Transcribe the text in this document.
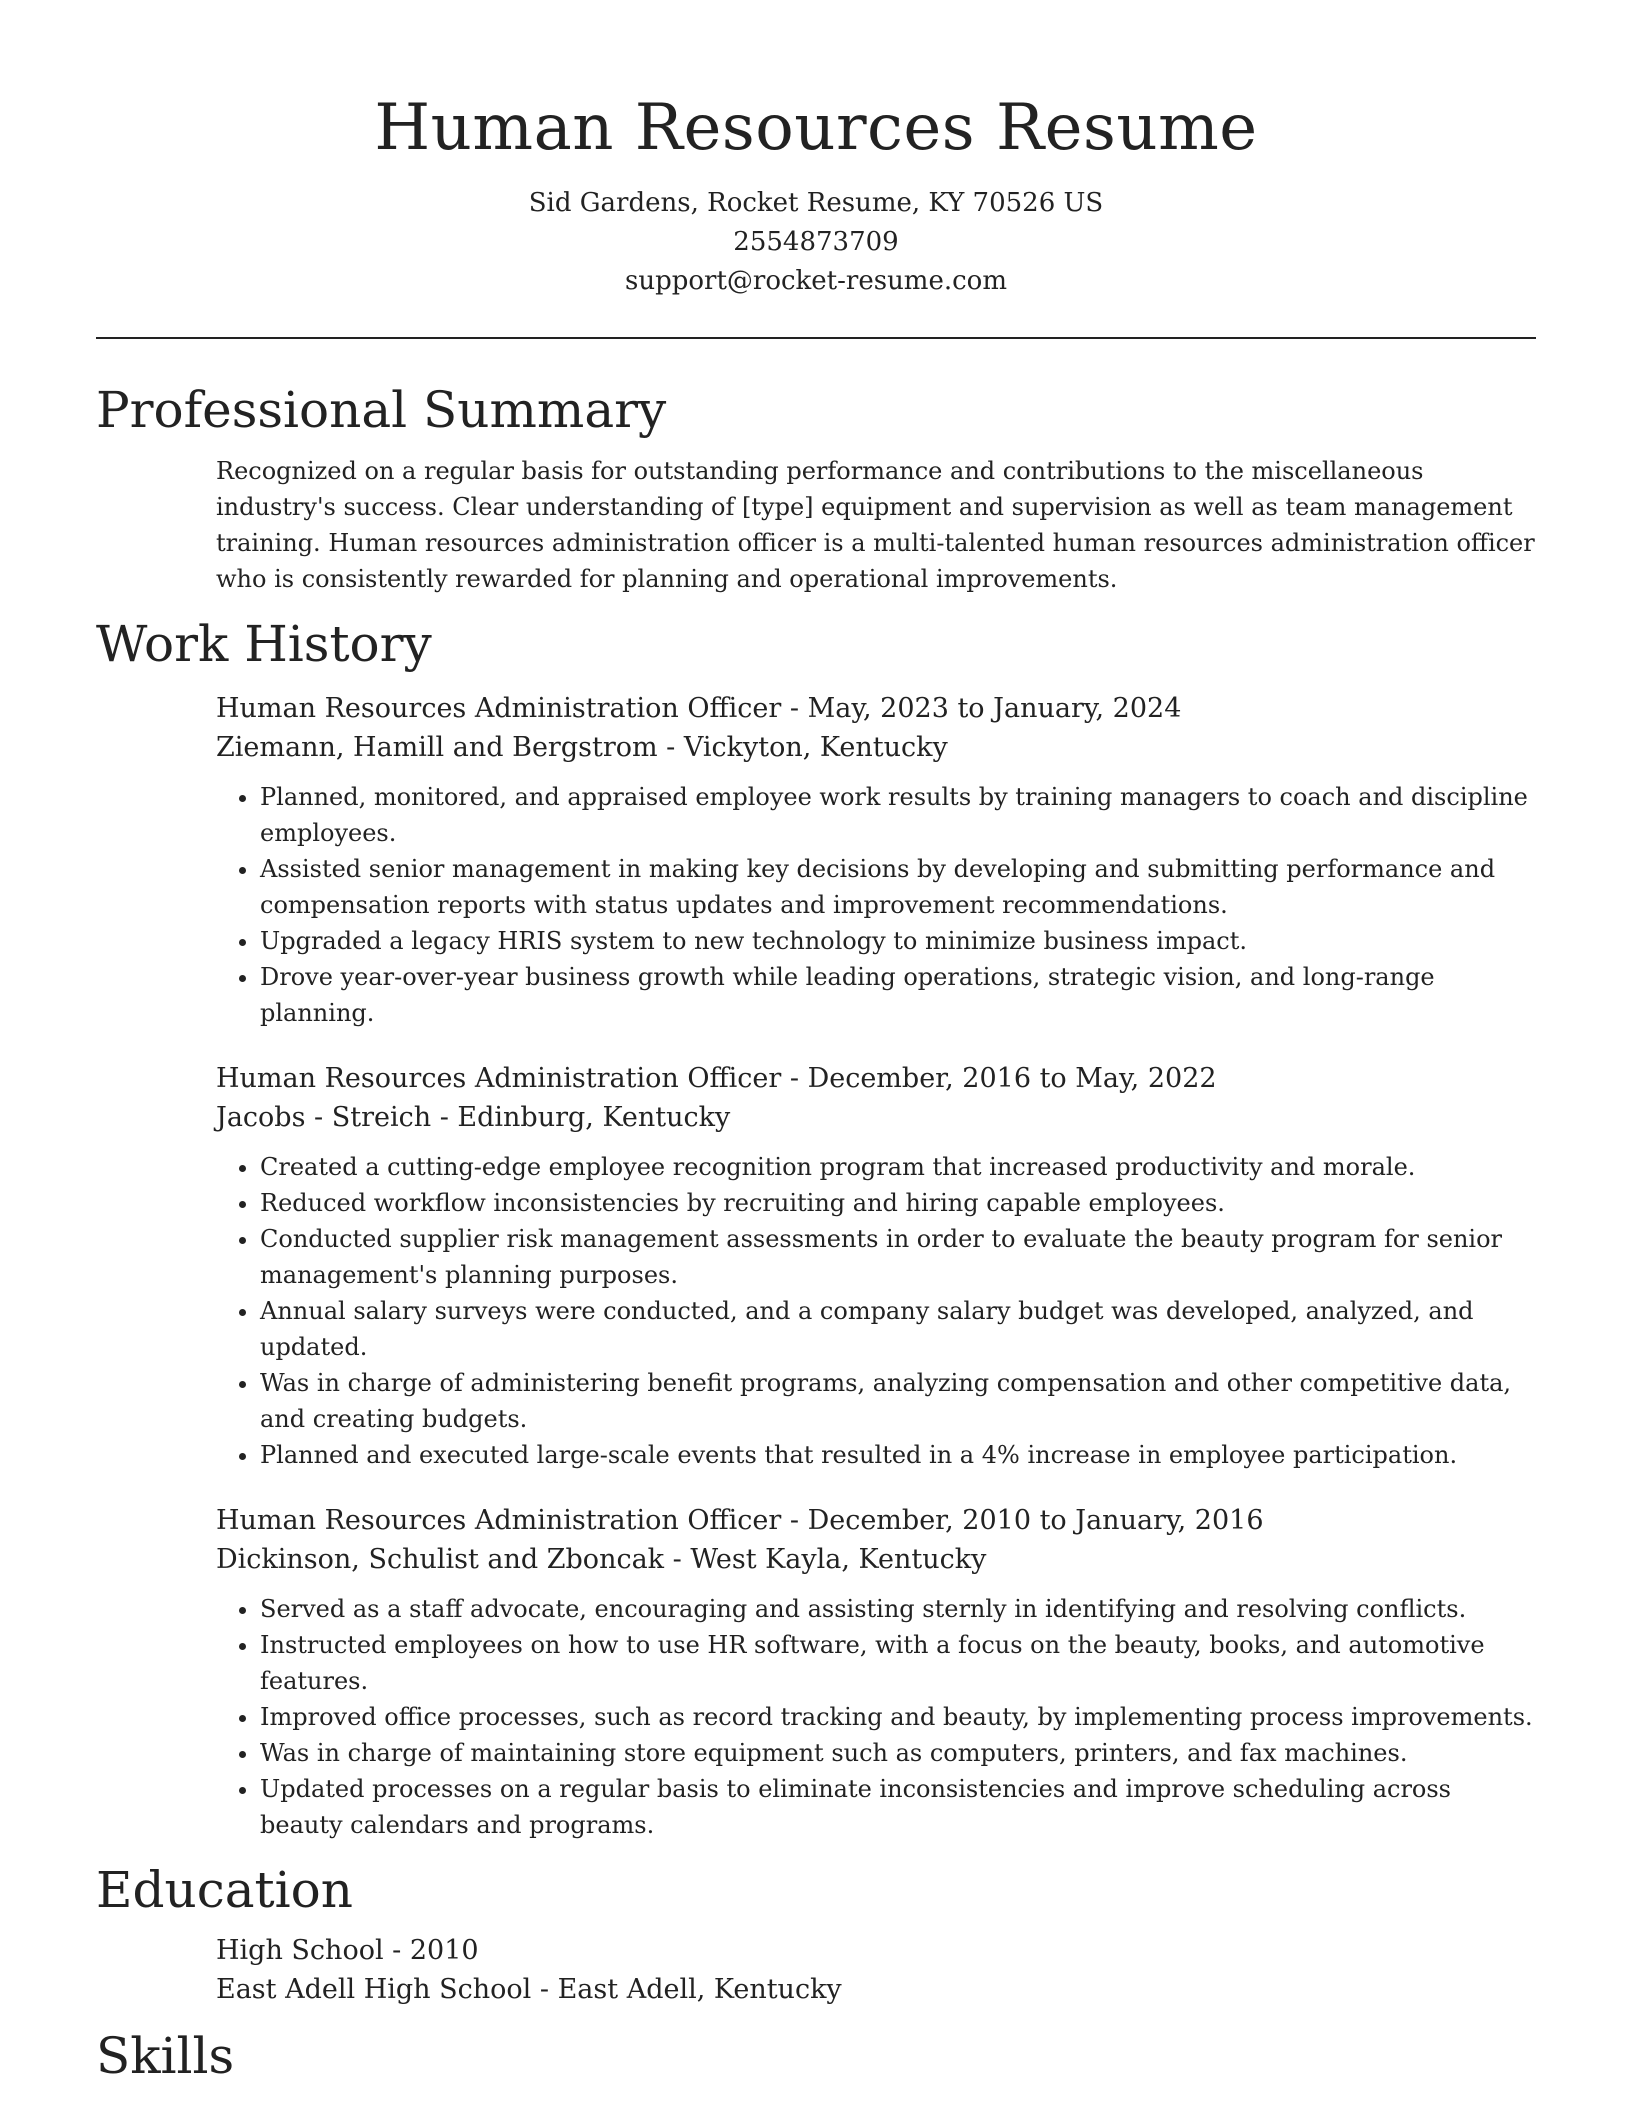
Human Resources Resume
Sid Gardens, Rocket Resume, KY 70526 US
2554873709
support@rocket-resume.com
Professional Summary
Recognized on a regular basis for outstanding performance and contributions to the miscellaneous industry's success. Clear understanding of [type] equipment and supervision as well as team management training. Human resources administration officer is a multi-talented human resources administration officer who is consistently rewarded for planning and operational improvements.
Work History
Human Resources Administration Officer - May, 2023 to January, 2024
Ziemann, Hamill and Bergstrom - Vickyton, Kentucky
• Planned, monitored, and appraised employee work results by training managers to coach and discipline employees.
• Assisted senior management in making key decisions by developing and submitting performance and compensation reports with status updates and improvement recommendations.
• Upgraded a legacy HRIS system to new technology to minimize business impact.
• Drove year-over-year business growth while leading operations, strategic vision, and long-range planning.
Human Resources Administration Officer - December, 2016 to May, 2022
Jacobs - Streich - Edinburg, Kentucky
• Created a cutting-edge employee recognition program that increased productivity and morale.
• Reduced workflow inconsistencies by recruiting and hiring capable employees.
• Conducted supplier risk management assessments in order to evaluate the beauty program for senior management's planning purposes.
• Annual salary surveys were conducted, and a company salary budget was developed, analyzed, and updated.
• Was in charge of administering benefit programs, analyzing compensation and other competitive data, and creating budgets.
• Planned and executed large-scale events that resulted in a 4% increase in employee participation.
Human Resources Administration Officer - December, 2010 to January, 2016
Dickinson, Schulist and Zboncak - West Kayla, Kentucky
• Served as a staff advocate, encouraging and assisting sternly in identifying and resolving conflicts.
• Instructed employees on how to use HR software, with a focus on the beauty, books, and automotive features.
• Improved office processes, such as record tracking and beauty, by implementing process improvements.
• Was in charge of maintaining store equipment such as computers, printers, and fax machines.
• Updated processes on a regular basis to eliminate inconsistencies and improve scheduling across beauty calendars and programs.
Education
High School - 2010
East Adell High School - East Adell, Kentucky
Skills
